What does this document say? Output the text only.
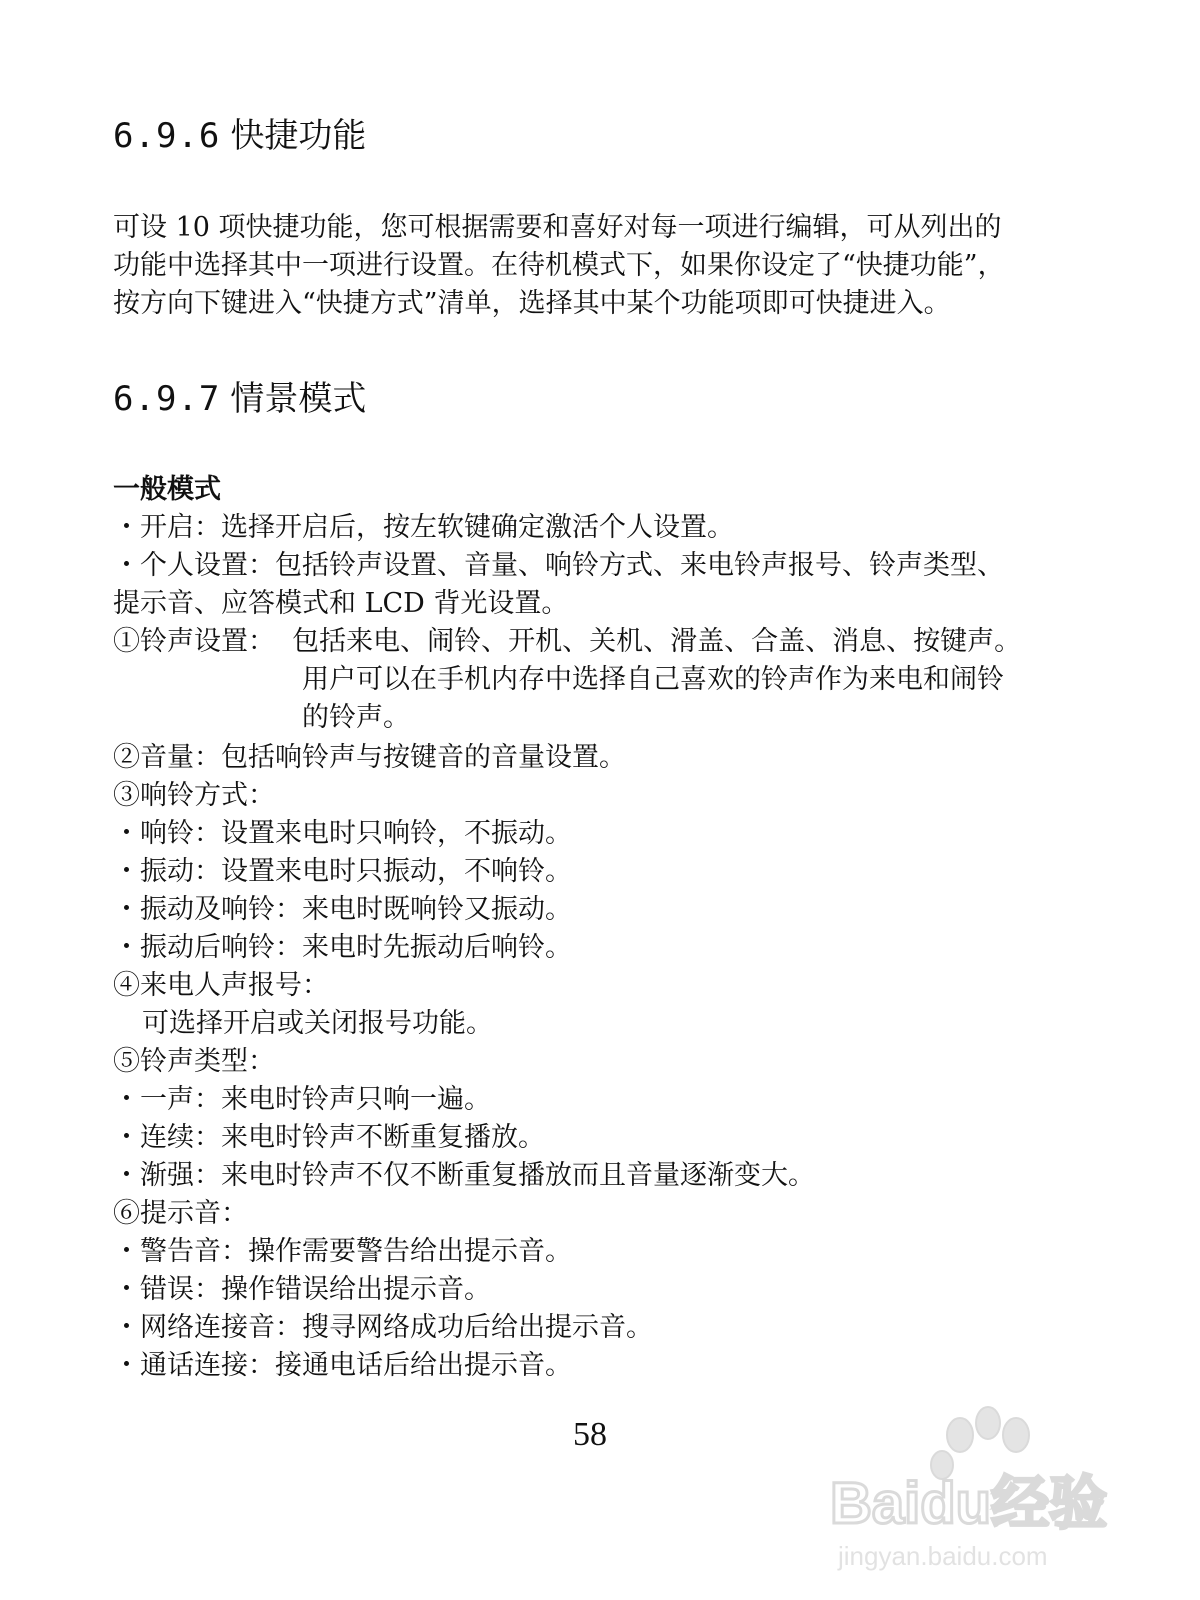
6.9.6 快捷功能

可设 10 项快捷功能，您可根据需要和喜好对每一项进行编辑，可从列出的
功能中选择其中一项进行设置。在待机模式下，如果你设定了“快捷功能”，
按方向下键进入“快捷方式”清单，选择其中某个功能项即可快捷进入。

6.9.7 情景模式
一般模式
・开启：选择开启后，按左软键确定激活个人设置。
・个人设置：包括铃声设置、音量、响铃方式、来电铃声报号、铃声类型、
提示音、应答模式和 LCD 背光设置。
①铃声设置：  包括来电、闹铃、开机、关机、滑盖、合盖、消息、按键声。
用户可以在手机内存中选择自己喜欢的铃声作为来电和闹铃
的铃声。
②音量：包括响铃声与按键音的音量设置。
③响铃方式：
・响铃：设置来电时只响铃，不振动。
・振动：设置来电时只振动，不响铃。
・振动及响铃：来电时既响铃又振动。
・振动后响铃：来电时先振动后响铃。
④来电人声报号：
可选择开启或关闭报号功能。
⑤铃声类型：
・一声：来电时铃声只响一遍。
・连续：来电时铃声不断重复播放。
・渐强：来电时铃声不仅不断重复播放而且音量逐渐变大。
⑥提示音：
・警告音：操作需要警告给出提示音。
・错误：操作错误给出提示音。
・网络连接音：搜寻网络成功后给出提示音。
・通话连接：接通电话后给出提示音。
58
Baidu经验
jingyan.baidu.com
